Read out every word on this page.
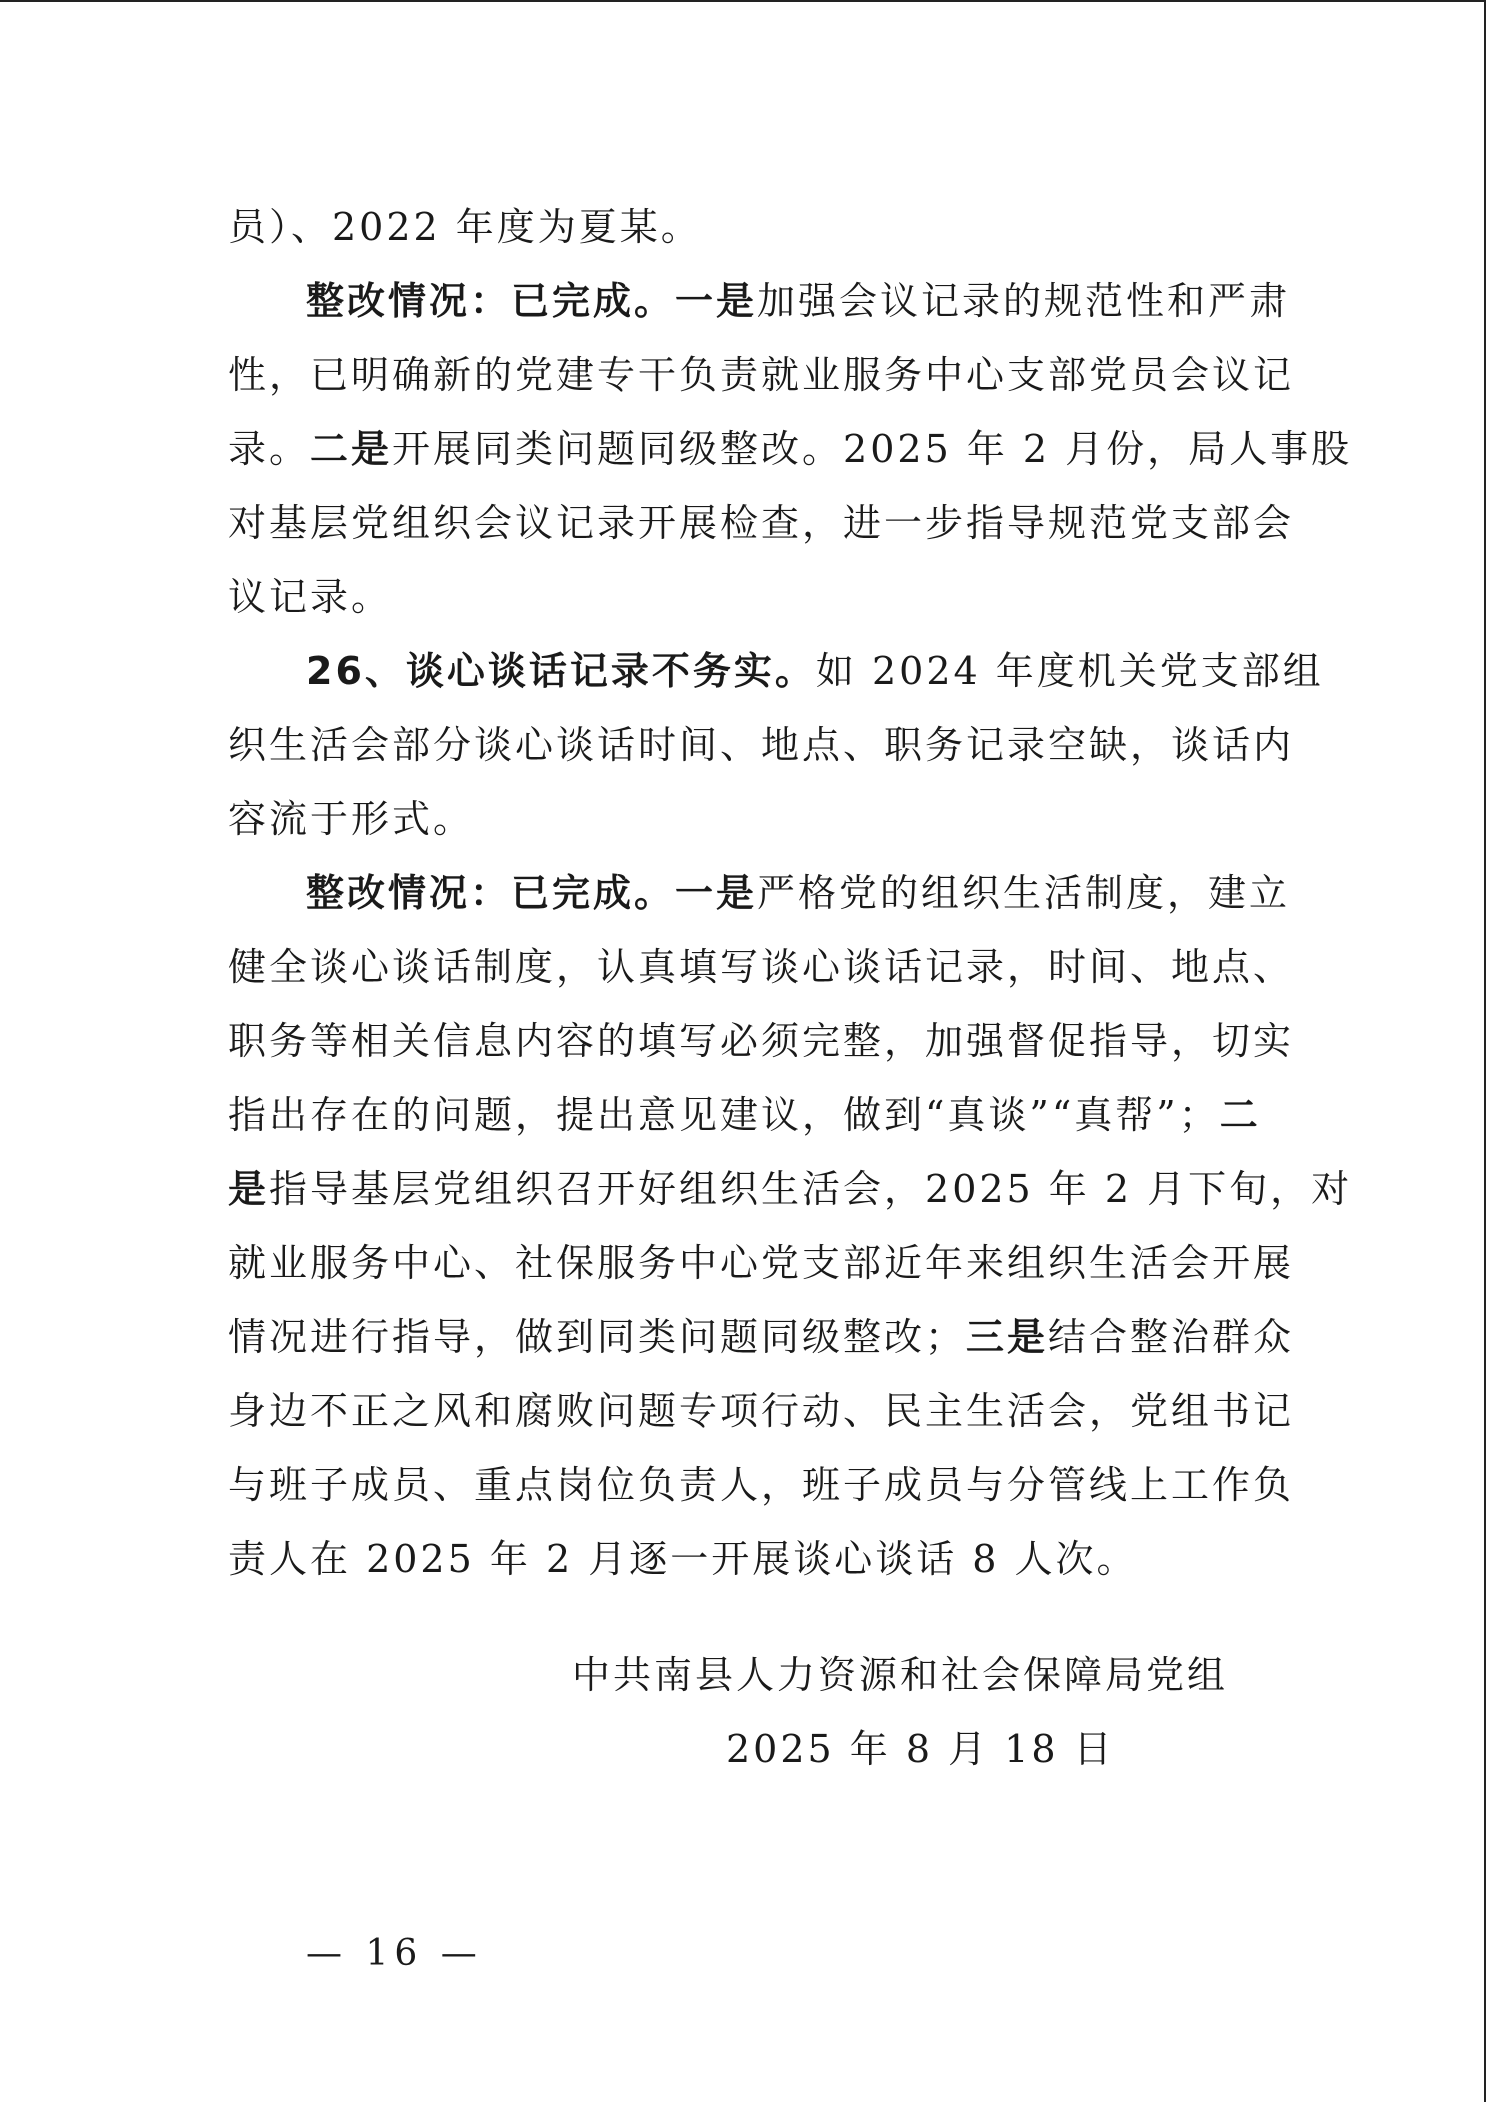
员）、2022 年度为夏某。
整改情况：已完成。一是加强会议记录的规范性和严肃
性，已明确新的党建专干负责就业服务中心支部党员会议记
录。二是开展同类问题同级整改。2025 年 2 月份，局人事股
对基层党组织会议记录开展检查，进一步指导规范党支部会
议记录。
26、谈心谈话记录不务实。如 2024 年度机关党支部组
织生活会部分谈心谈话时间、地点、职务记录空缺，谈话内
容流于形式。
整改情况：已完成。一是严格党的组织生活制度，建立
健全谈心谈话制度，认真填写谈心谈话记录，时间、地点、
职务等相关信息内容的填写必须完整，加强督促指导，切实
指出存在的问题，提出意见建议，做到“真谈”“真帮”；二
是指导基层党组织召开好组织生活会，2025 年 2 月下旬，对
就业服务中心、社保服务中心党支部近年来组织生活会开展
情况进行指导，做到同类问题同级整改；三是结合整治群众
身边不正之风和腐败问题专项行动、民主生活会，党组书记
与班子成员、重点岗位负责人，班子成员与分管线上工作负
责人在 2025 年 2 月逐一开展谈心谈话 8 人次。
中共南县人力资源和社会保障局党组
2025 年 8 月 18 日
— 16 —
